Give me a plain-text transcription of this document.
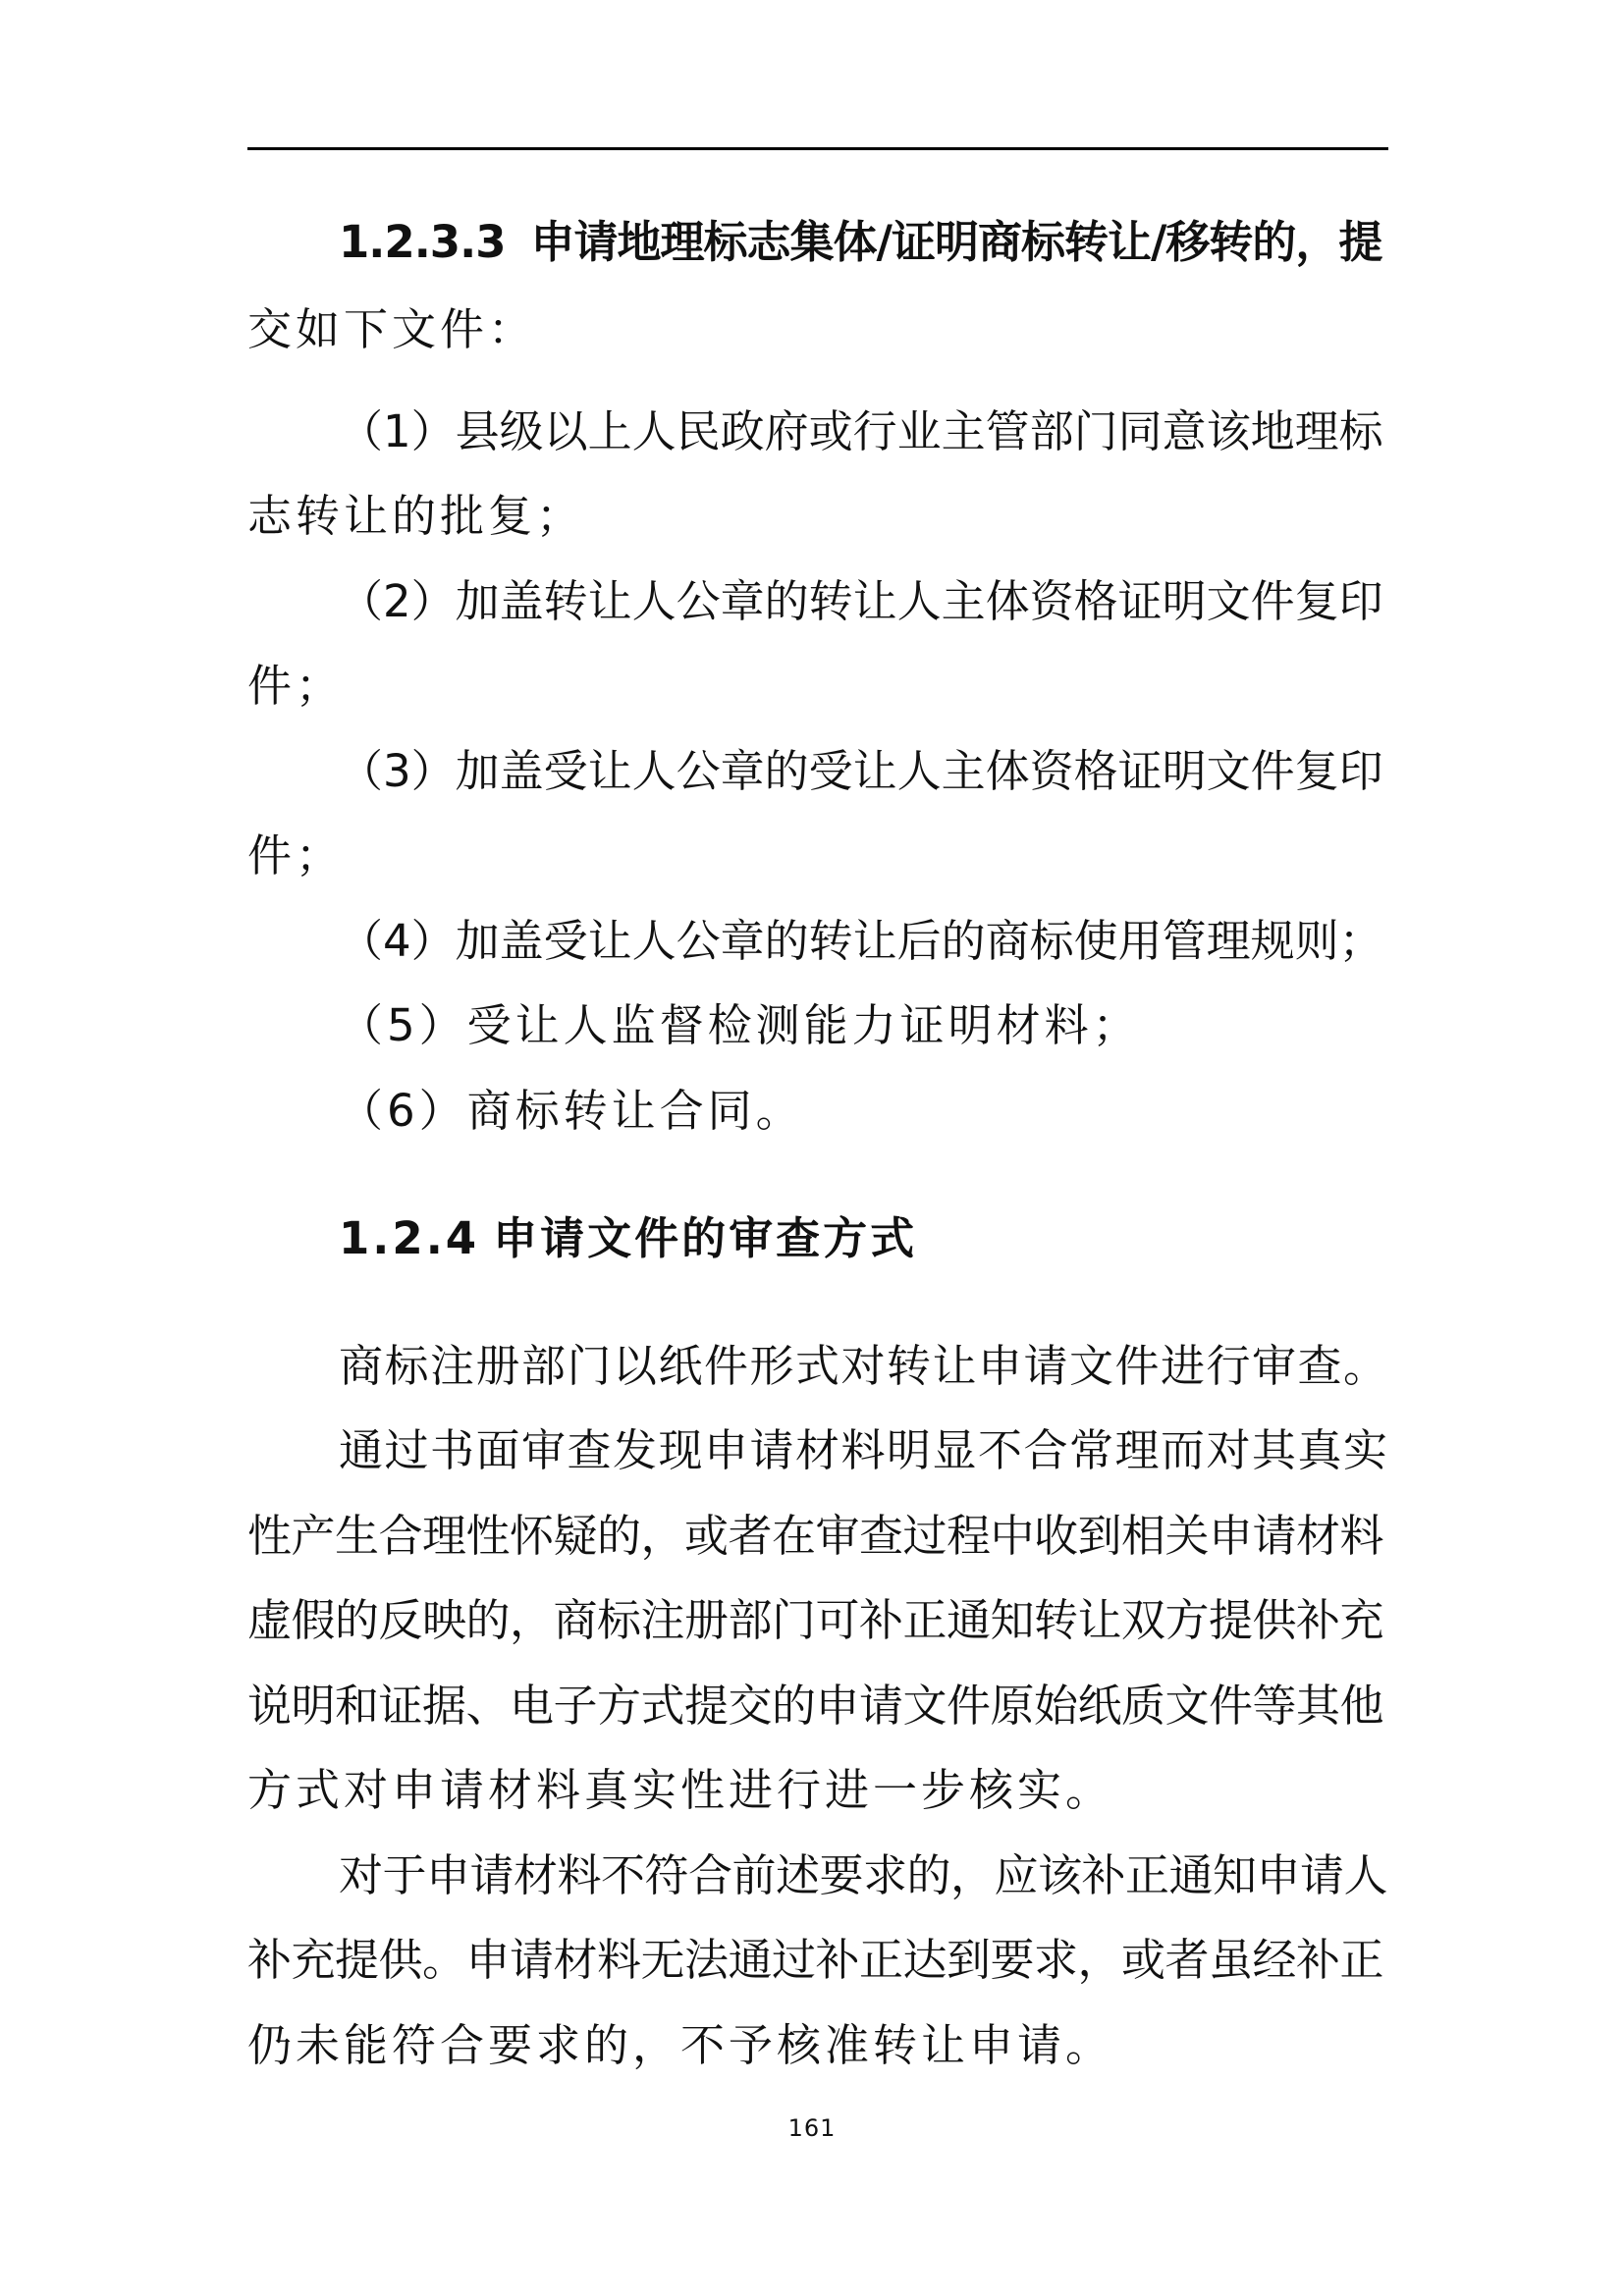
1.2.3.3 申请地理标志集体/证明商标转让/移转的，提

交如下文件：

（1）县级以上人民政府或行业主管部门同意该地理标

志转让的批复；

（2）加盖转让人公章的转让人主体资格证明文件复印

件；

（3）加盖受让人公章的受让人主体资格证明文件复印

件；

（4）加盖受让人公章的转让后的商标使用管理规则；

（5）受让人监督检测能力证明材料；

（6）商标转让合同。

1.2.4 申请文件的审查方式

商标注册部门以纸件形式对转让申请文件进行审查。

通过书面审查发现申请材料明显不合常理而对其真实

性产生合理性怀疑的，或者在审查过程中收到相关申请材料

虚假的反映的，商标注册部门可补正通知转让双方提供补充

说明和证据、电子方式提交的申请文件原始纸质文件等其他

方式对申请材料真实性进行进一步核实。

对于申请材料不符合前述要求的，应该补正通知申请人

补充提供。申请材料无法通过补正达到要求，或者虽经补正

仍未能符合要求的，不予核准转让申请。

161
